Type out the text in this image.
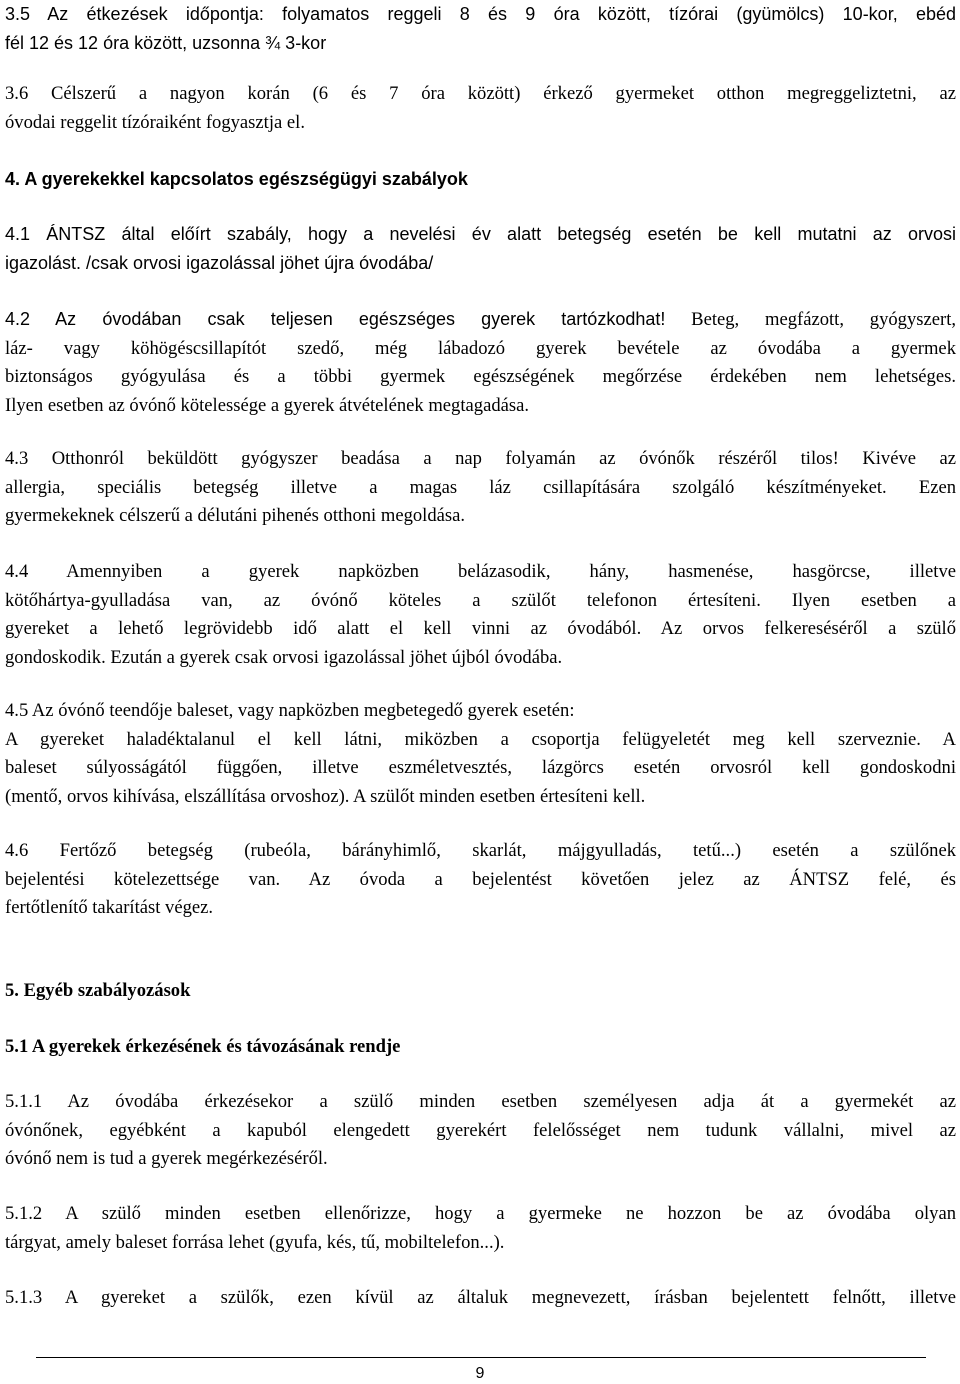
3.5 Az étkezések időpontja: folyamatos reggeli 8 és 9 óra között, tízórai (gyümölcs) 10-kor, ebéd
fél 12 és 12 óra között, uzsonna ¾ 3-kor

3.6 Célszerű a nagyon korán (6 és 7 óra között) érkező gyermeket otthon megreggeliztetni, az
óvodai reggelit tízóraiként fogyasztja el.

4. A gyerekekkel kapcsolatos egészségügyi szabályok

4.1 ÁNTSZ által előírt szabály, hogy a nevelési év alatt betegség esetén be kell mutatni az orvosi
igazolást. /csak orvosi igazolással jöhet újra óvodába/

4.2 Az óvodában csak teljesen egészséges gyerek tartózkodhat! Beteg, megfázott, gyógyszert,
láz- vagy köhögéscsillapítót szedő, még lábadozó gyerek bevétele az óvodába a gyermek
biztonságos gyógyulása és a többi gyermek egészségének megőrzése érdekében nem lehetséges.
Ilyen esetben az óvónő kötelessége a gyerek átvételének megtagadása.

4.3 Otthonról beküldött gyógyszer beadása a nap folyamán az óvónők részéről tilos! Kivéve az
allergia, speciális betegség illetve a magas láz csillapítására szolgáló készítményeket. Ezen
gyermekeknek célszerű a délutáni pihenés otthoni megoldása.

4.4 Amennyiben a gyerek napközben belázasodik, hány, hasmenése, hasgörcse, illetve
kötőhártya-gyulladása van, az óvónő köteles a szülőt telefonon értesíteni. Ilyen esetben a
gyereket a lehető legrövidebb idő alatt el kell vinni az óvodából. Az orvos felkereséséről a szülő
gondoskodik. Ezután a gyerek csak orvosi igazolással jöhet újból óvodába.

4.5 Az óvónő teendője baleset, vagy napközben megbetegedő gyerek esetén:
A gyereket haladéktalanul el kell látni, miközben a csoportja felügyeletét meg kell szerveznie. A
baleset súlyosságától függően, illetve eszméletvesztés, lázgörcs esetén orvosról kell gondoskodni
(mentő, orvos kihívása, elszállítása orvoshoz). A szülőt minden esetben értesíteni kell.

4.6 Fertőző betegség (rubeóla, bárányhimlő, skarlát, májgyulladás, tetű...) esetén a szülőnek
bejelentési kötelezettsége van. Az óvoda a bejelentést követően jelez az ÁNTSZ felé, és
fertőtlenítő takarítást végez.

5. Egyéb szabályozások
5.1 A gyerekek érkezésének és távozásának rendje

5.1.1 Az óvodába érkezésekor a szülő minden esetben személyesen adja át a gyermekét az
óvónőnek, egyébként a kapuból elengedett gyerekért felelősséget nem tudunk vállalni, mivel az
óvónő nem is tud a gyerek megérkezéséről.

5.1.2 A szülő minden esetben ellenőrizze, hogy a gyermeke ne hozzon be az óvodába olyan
tárgyat, amely baleset forrása lehet (gyufa, kés, tű, mobiltelefon...).

5.1.3 A gyereket a szülők, ezen kívül az általuk megnevezett, írásban bejelentett felnőtt, illetve

9
